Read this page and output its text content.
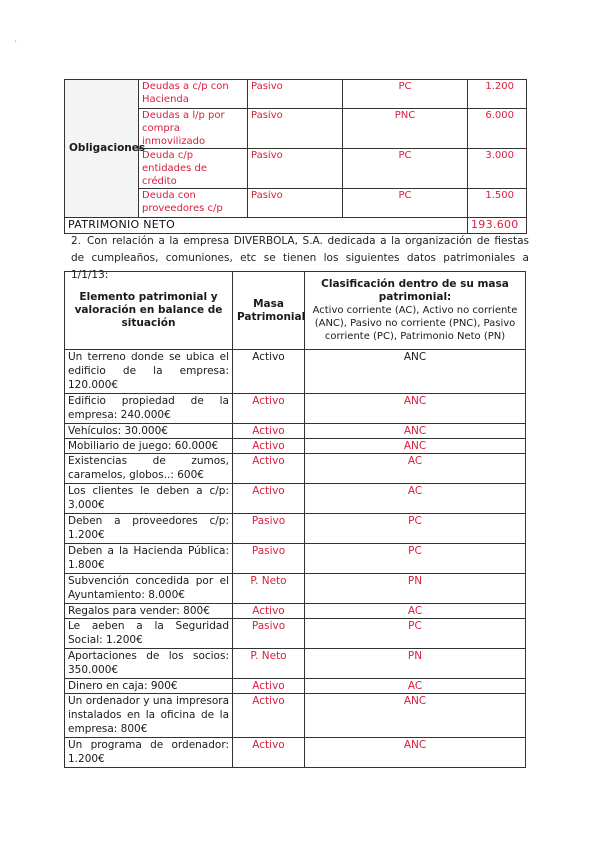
ˎ
Obligaciones	Deudas a c/p con Hacienda	Pasivo	PC	1.200
	Deudas a l/p por compra inmovilizado	Pasivo	PNC	6.000
	Deuda c/p entidades de crédito	Pasivo	PC	3.000
	Deuda con proveedores c/p	Pasivo	PC	1.500
PATRIMONIO NETO				193.600
2. Con relación a la empresa DIVERBOLA, S.A. dedicada a la organización de fiestas de cumpleaños, comuniones, etc se tienen los siguientes datos patrimoniales a 1/1/13:
Elemento patrimonial y valoración en balance de situación	Masa Patrimonial	Clasificación dentro de su masa patrimonial:
Activo corriente (AC), Activo no corriente (ANC), Pasivo no corriente (PNC), Pasivo corriente (PC), Patrimonio Neto (PN)

Un terreno donde se ubica el edificio de la empresa: 120.000€	Activo	ANC
Edificio propiedad de la empresa: 240.000€	Activo	ANC
Vehículos: 30.000€	Activo	ANC
Mobiliario de juego: 60.000€	Activo	ANC
Existencias de zumos, caramelos, globos..: 600€	Activo	AC
Los clientes le deben a c/p: 3.000€	Activo	AC
Deben a proveedores c/p: 1.200€	Pasivo	PC
Deben a la Hacienda Pública: 1.800€	Pasivo	PC
Subvención concedida por el Ayuntamiento: 8.000€	P. Neto	PN
Regalos para vender: 800€	Activo	AC
Le aeben a la Seguridad Social: 1.200€	Pasivo	PC
Aportaciones de los socios: 350.000€	P. Neto	PN
Dinero en caja: 900€	Activo	AC
Un ordenador y una impresora instalados en la oficina de la empresa: 800€	Activo	ANC
Un programa de ordenador: 1.200€	Activo	ANC
